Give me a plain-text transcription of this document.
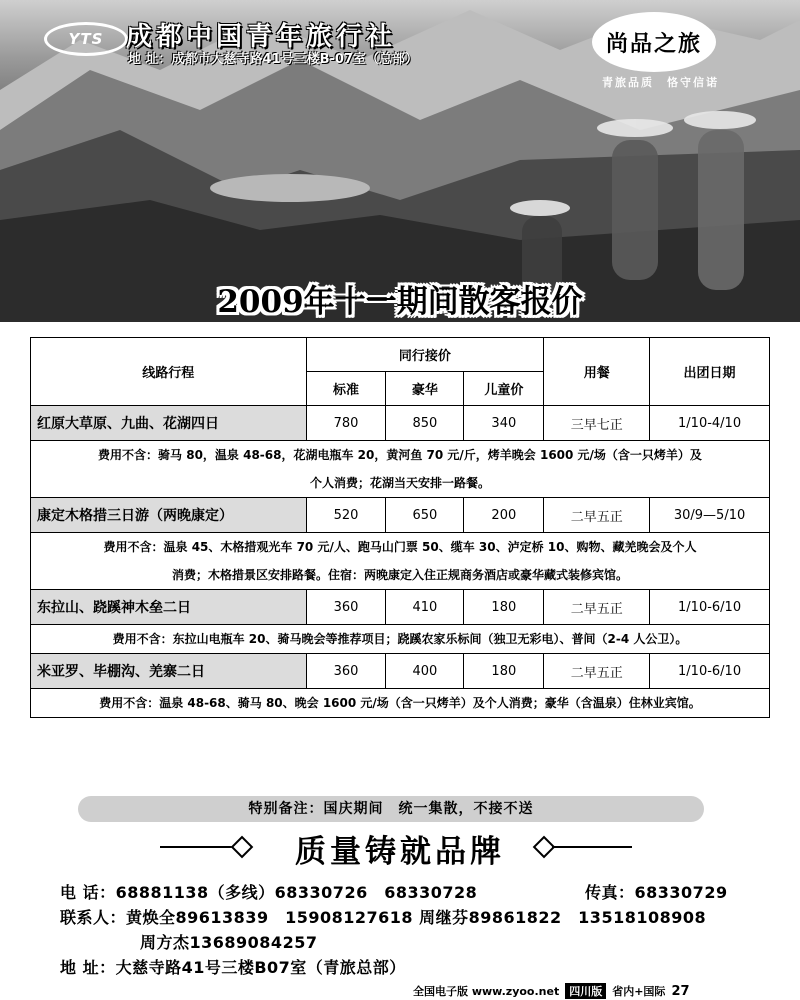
YTS 成都中国青年旅行社
地 址：成都市大慈寺路41号三楼B-07室（总部）
尚品之旅
青旅品质　恪守信诺
2009年十一期间散客报价
线路行程	同行接价			用餐	出团日期
	标准	豪华	儿童价		
红原大草原、九曲、花湖四日	780	850	340	三早七正	1/10-4/10

费用不含：骑马 80，温泉 48-68，花湖电瓶车 20，黄河鱼 70 元/斤，烤羊晚会 1600 元/场（含一只烤羊）及
个人消费；花湖当天安排一路餐。					

康定木格措三日游（两晚康定）	520	650	200	二早五正	30/9—5/10

费用不含：温泉 45、木格措观光车 70 元/人、跑马山门票 50、缆车 30、泸定桥 10、购物、藏羌晚会及个人
消费；木格措景区安排路餐。住宿：两晚康定入住正规商务酒店或豪华藏式装修宾馆。					

东拉山、跷蹊神木垒二日	360	410	180	二早五正	1/10-6/10

费用不含：东拉山电瓶车 20、骑马晚会等推荐项目；跷蹊农家乐标间（独卫无彩电）、普间（2-4 人公卫）。					

米亚罗、毕棚沟、羌寨二日	360	400	180	二早五正	1/10-6/10

费用不含：温泉 48-68、骑马 80、晚会 1600 元/场（含一只烤羊）及个人消费；豪华（含温泉）住林业宾馆。					
特别备注：国庆期间　统一集散，不接不送
质量铸就品牌
电 话：68881138（多线）68330726　68330728	传真：68330729
联系人：黄焕全89613839　15908127618 周继芬89861822　13518108908
周方杰13689084257
地 址：大慈寺路41号三楼B07室（青旅总部）
全国电子版 www.zyoo.net 四川版 省内+国际 27
